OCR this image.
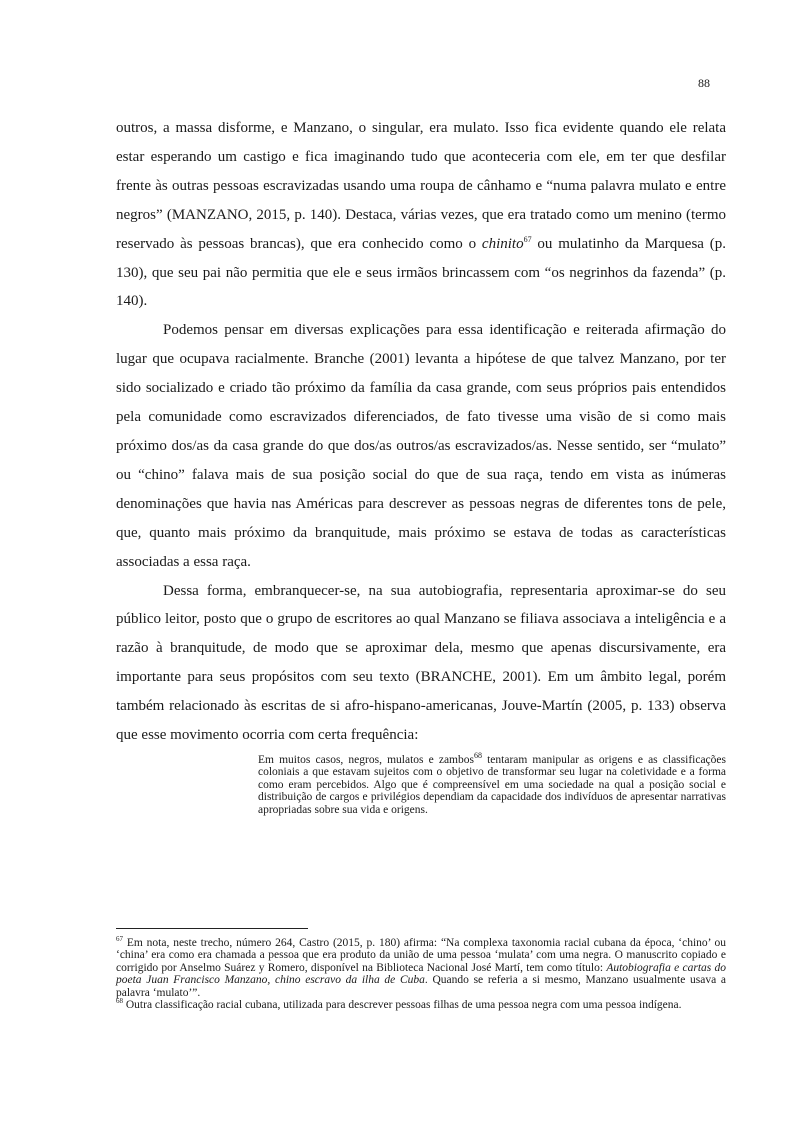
88

outros, a massa disforme, e Manzano, o singular, era mulato. Isso fica evidente quando ele relata estar esperando um castigo e fica imaginando tudo que aconteceria com ele, em ter que desfilar frente às outras pessoas escravizadas usando uma roupa de cânhamo e “numa palavra mulato e entre negros” (MANZANO, 2015, p. 140). Destaca, várias vezes, que era tratado como um menino (termo reservado às pessoas brancas), que era conhecido como o chinito$^{67}$ ou mulatinho da Marquesa (p. 130), que seu pai não permitia que ele e seus irmãos brincassem com “os negrinhos da fazenda” (p. 140).

Podemos pensar em diversas explicações para essa identificação e reiterada afirmação do lugar que ocupava racialmente. Branche (2001) levanta a hipótese de que talvez Manzano, por ter sido socializado e criado tão próximo da família da casa grande, com seus próprios pais entendidos pela comunidade como escravizados diferenciados, de fato tivesse uma visão de si como mais próximo dos/as da casa grande do que dos/as outros/as escravizados/as. Nesse sentido, ser “mulato” ou “chino” falava mais de sua posição social do que de sua raça, tendo em vista as inúmeras denominações que havia nas Américas para descrever as pessoas negras de diferentes tons de pele, que, quanto mais próximo da branquitude, mais próximo se estava de todas as características associadas a essa raça.

Dessa forma, embranquecer-se, na sua autobiografia, representaria aproximar-se do seu público leitor, posto que o grupo de escritores ao qual Manzano se filiava associava a inteligência e a razão à branquitude, de modo que se aproximar dela, mesmo que apenas discursivamente, era importante para seus propósitos com seu texto (BRANCHE, 2001). Em um âmbito legal, porém também relacionado às escritas de si afro-hispano-americanas, Jouve-Martín (2005, p. 133) observa que esse movimento ocorria com certa frequência:

Em muitos casos, negros, mulatos e zambos$^{68}$ tentaram manipular as origens e as classificações coloniais a que estavam sujeitos com o objetivo de transformar seu lugar na coletividade e a forma como eram percebidos. Algo que é compreensível em uma sociedade na qual a posição social e distribuição de cargos e privilégios dependiam da capacidade dos indivíduos de apresentar narrativas apropriadas sobre sua vida e origens.

$^{67}$ Em nota, neste trecho, número 264, Castro (2015, p. 180) afirma: “Na complexa taxonomia racial cubana da época, ‘chino’ ou ‘china’ era como era chamada a pessoa que era produto da união de uma pessoa ‘mulata’ com uma negra. O manuscrito copiado e corrigido por Anselmo Suárez y Romero, disponível na Biblioteca Nacional José Martí, tem como título: Autobiografia e cartas do poeta Juan Francisco Manzano, chino escravo da ilha de Cuba. Quando se referia a si mesmo, Manzano usualmente usava a palavra ‘mulato’”.

$^{68}$ Outra classificação racial cubana, utilizada para descrever pessoas filhas de uma pessoa negra com uma pessoa indígena.
